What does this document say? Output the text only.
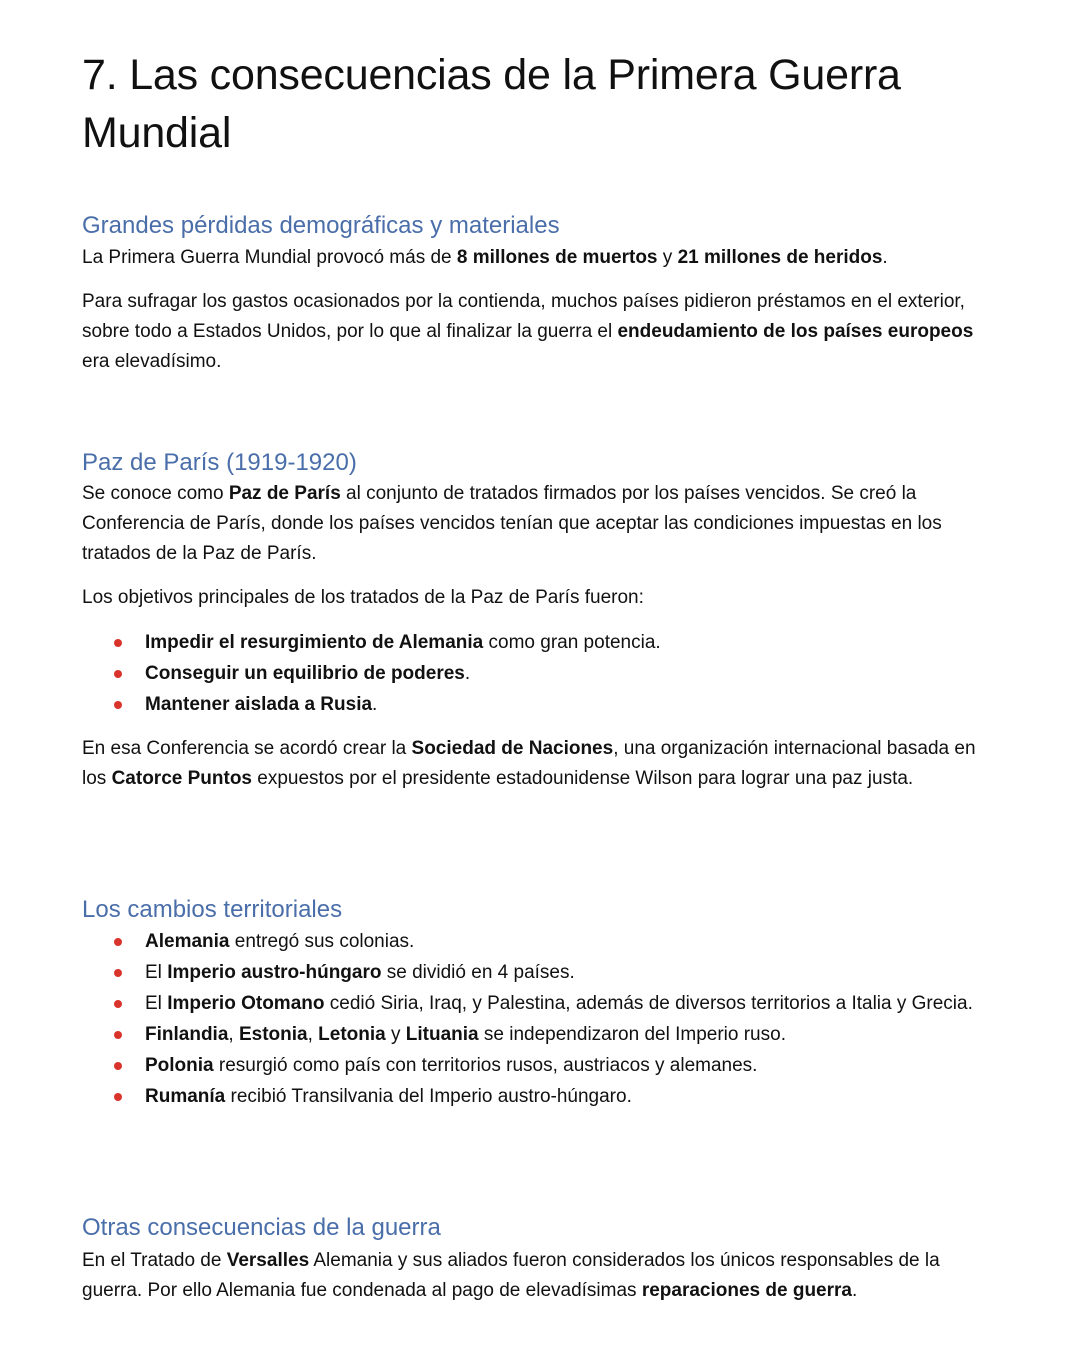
7. Las consecuencias de la Primera Guerra Mundial
Grandes pérdidas demográficas y materiales

La Primera Guerra Mundial provocó más de 8 millones de muertos y 21 millones de heridos.

Para sufragar los gastos ocasionados por la contienda, muchos países pidieron préstamos en el exterior, sobre todo a Estados Unidos, por lo que al finalizar la guerra el endeudamiento de los países europeos era elevadísimo.

Paz de París (1919-1920)

Se conoce como Paz de París al conjunto de tratados firmados por los países vencidos. Se creó la Conferencia de París, donde los países vencidos tenían que aceptar las condiciones impuestas en los tratados de la Paz de París.

Los objetivos principales de los tratados de la Paz de París fueron:

Impedir el resurgimiento de Alemania como gran potencia.
Conseguir un equilibrio de poderes.
Mantener aislada a Rusia.

En esa Conferencia se acordó crear la Sociedad de Naciones, una organización internacional basada en los Catorce Puntos expuestos por el presidente estadounidense Wilson para lograr una paz justa.

Los cambios territoriales
Alemania entregó sus colonias.
El Imperio austro-húngaro se dividió en 4 países.
El Imperio Otomano cedió Siria, Iraq, y Palestina, además de diversos territorios a Italia y Grecia.
Finlandia, Estonia, Letonia y Lituania se independizaron del Imperio ruso.
Polonia resurgió como país con territorios rusos, austriacos y alemanes.
Rumanía recibió Transilvania del Imperio austro-húngaro.
Otras consecuencias de la guerra

En el Tratado de Versalles Alemania y sus aliados fueron considerados los únicos responsables de la guerra. Por ello Alemania fue condenada al pago de elevadísimas reparaciones de guerra.
